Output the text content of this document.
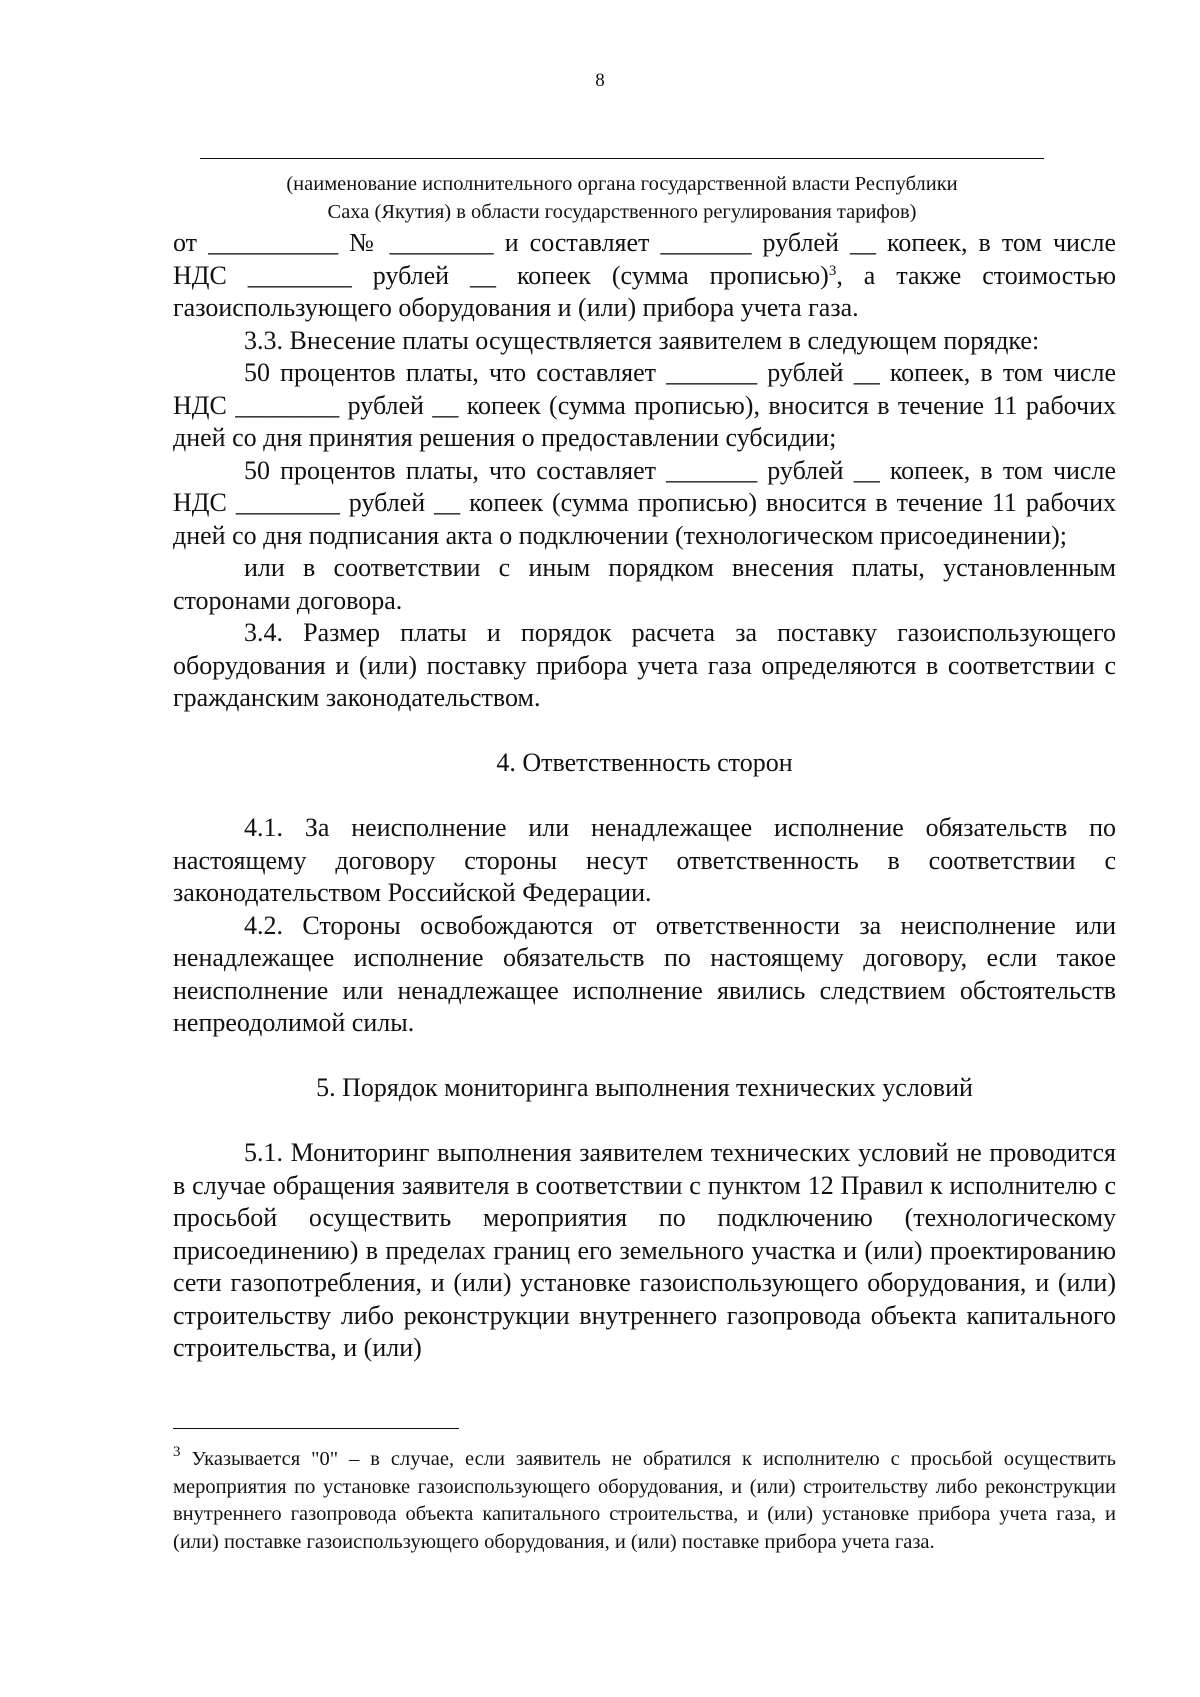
8
(наименование исполнительного органа государственной власти Республики
Саха (Якутия) в области государственного регулирования тарифов)

от __________ № ________ и составляет _______ рублей __ копеек, в том числе НДС ________ рублей __ копеек (сумма прописью)$^3$, а также стоимостью газоиспользующего оборудования и (или) прибора учета газа.

3.3. Внесение платы осуществляется заявителем в следующем порядке:

50 процентов платы, что составляет _______ рублей __ копеек, в том числе НДС ________ рублей __ копеек (сумма прописью), вносится в течение 11 рабочих дней со дня принятия решения о предоставлении субсидии;

50 процентов платы, что составляет _______ рублей __ копеек, в том числе НДС ________ рублей __ копеек (сумма прописью) вносится в течение 11 рабочих дней со дня подписания акта о подключении (технологическом присоединении);

или в соответствии с иным порядком внесения платы, установленным сторонами договора.

3.4. Размер платы и порядок расчета за поставку газоиспользующего оборудования и (или) поставку прибора учета газа определяются в соответствии с гражданским законодательством.

4. Ответственность сторон

4.1. За неисполнение или ненадлежащее исполнение обязательств по настоящему договору стороны несут ответственность в соответствии с законодательством Российской Федерации.

4.2. Стороны освобождаются от ответственности за неисполнение или ненадлежащее исполнение обязательств по настоящему договору, если такое неисполнение или ненадлежащее исполнение явились следствием обстоятельств непреодолимой силы.

5. Порядок мониторинга выполнения технических условий

5.1. Мониторинг выполнения заявителем технических условий не проводится в случае обращения заявителя в соответствии с пунктом 12 Правил к исполнителю с просьбой осуществить мероприятия по подключению (технологическому присоединению) в пределах границ его земельного участка и (или) проектированию сети газопотребления, и (или) установке газоиспользующего оборудования, и (или) строительству либо реконструкции внутреннего газопровода объекта капитального строительства, и (или)

$^3$ Указывается "0" – в случае, если заявитель не обратился к исполнителю с просьбой осуществить мероприятия по установке газоиспользующего оборудования, и (или) строительству либо реконструкции внутреннего газопровода объекта капитального строительства, и (или) установке прибора учета газа, и (или) поставке газоиспользующего оборудования, и (или) поставке прибора учета газа.
